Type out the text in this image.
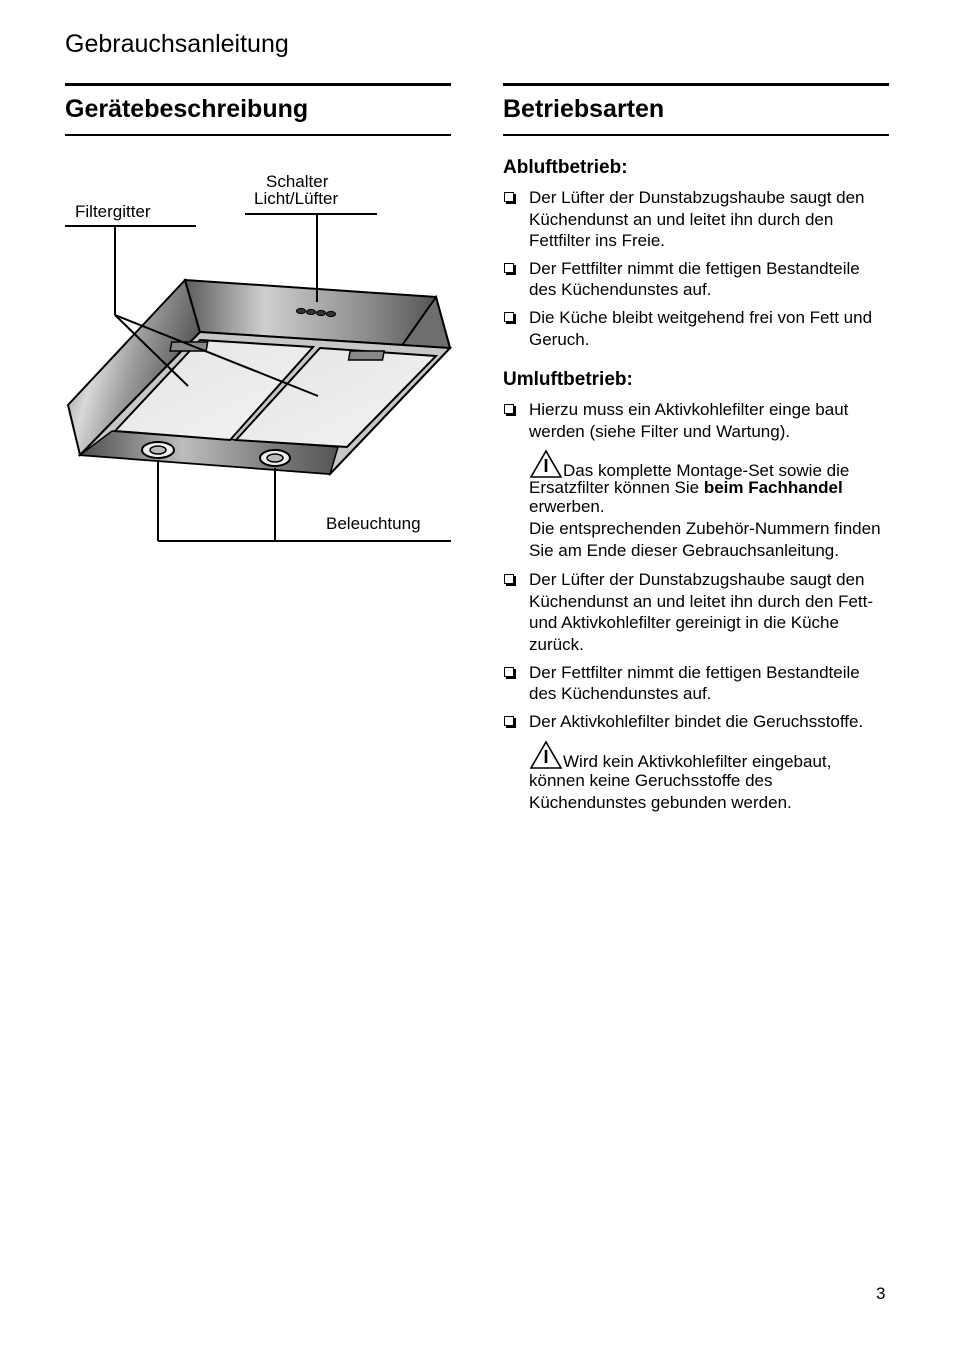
Gebrauchsanleitung
Gerätebeschreibung
Schalter
Licht/Lüfter
Filtergitter
Beleuchtung
Betriebsarten
Abluftbetrieb:
Der Lüfter der Dunstabzugshaube saugt den Küchendunst an und leitet ihn durch den Fettfilter ins Freie.
Der Fettfilter nimmt die fettigen Bestandteile des Küchendunstes auf.
Die Küche bleibt weitgehend frei von Fett und Geruch.
Umluftbetrieb:
Hierzu muss ein Aktivkohlefilter einge baut werden (siehe Filter und Wartung).
Das komplette Montage-Set sowie die
Ersatzfilter können Sie beim Fachhandel
erwerben.
Die entsprechenden Zubehör-Nummern finden Sie am Ende dieser Gebrauchsanleitung.
Der Lüfter der Dunstabzugshaube saugt den Küchendunst an und leitet ihn durch den Fett- und Aktivkohlefilter gereinigt in die Küche zurück.
Der Fettfilter nimmt die fettigen Bestandteile des Küchendunstes auf.
Der Aktivkohlefilter bindet die Geruchsstoffe.
Wird kein Aktivkohlefilter eingebaut,
können keine Geruchsstoffe des Küchendunstes gebunden werden.
3
